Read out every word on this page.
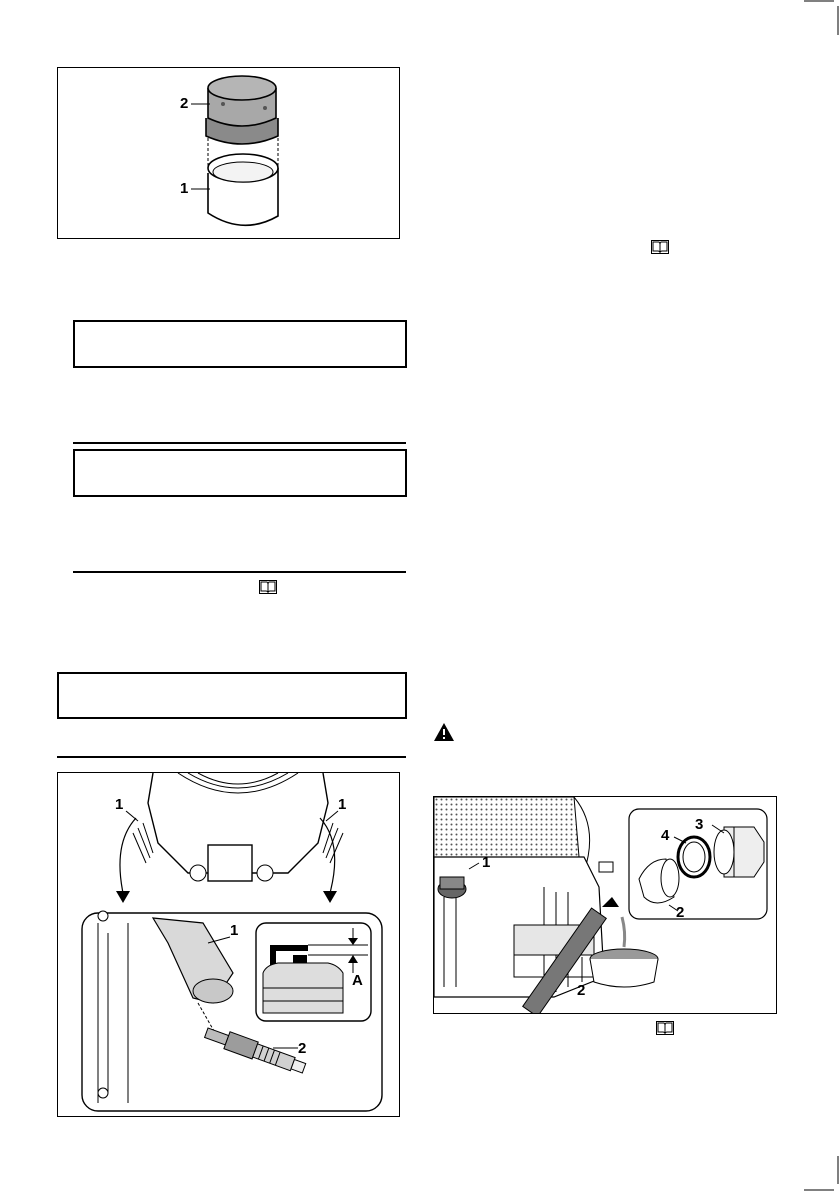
2
1
1	1
1
2
A
1
2
2
3
4
